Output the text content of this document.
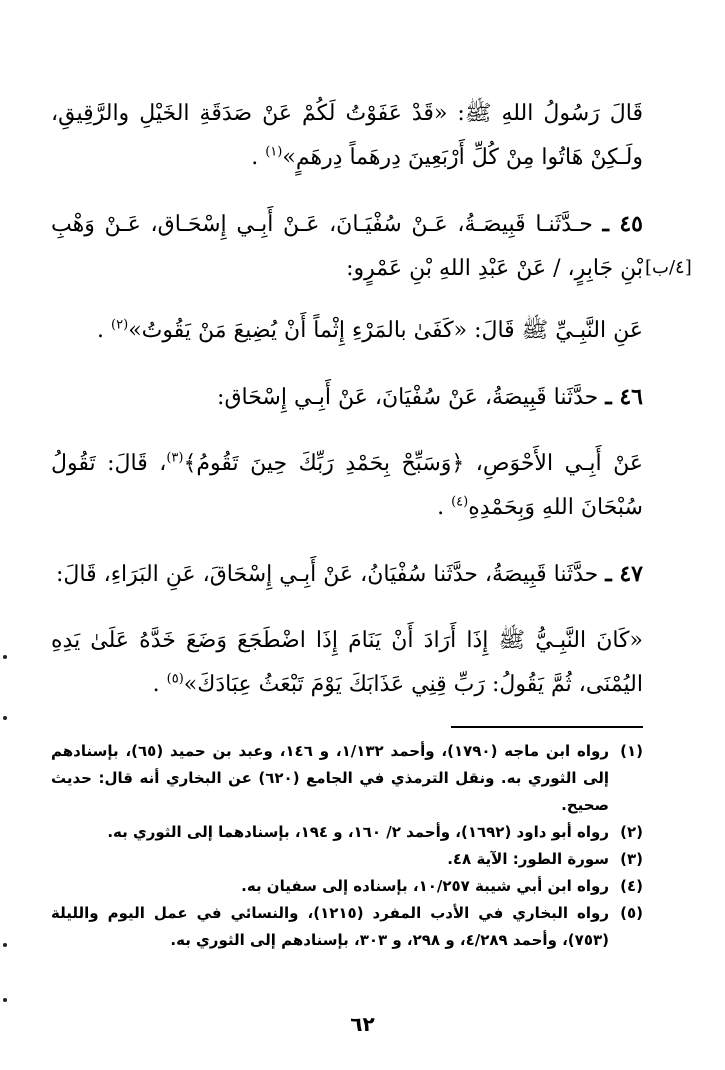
قَالَ رَسُولُ اللهِ ﷺ: «قَدْ عَفَوْتُ لَكُمْ عَنْ صَدَقَةِ الخَيْلِ والرَّقِيقِ، ولَـكِنْ هَاتُوا مِنْ كُلِّ أَرْبَعِينَ دِرهَماً دِرهَمٍ»$^{(١)}$ .

٤٥ ـ حـدَّثَنـا قَبِيصَـةُ، عَـنْ سُفْيَـانَ، عَـنْ أَبِـي إِسْحَـاق، عَـنْ وَهْبِ بْنِ جَابِرٍ، / عَنْ عَبْدِ اللهِ بْنِ عَمْرٍو:

عَنِ النَّبِـيِّ ﷺ قَالَ: «كَفَىٰ بالمَرْءِ إِثْماً أَنْ يُضِيعَ مَنْ يَقُوتُ»$^{(٢)}$ .

٤٦ ـ حدَّثَنا قَبِيصَةُ، عَنْ سُفْيَانَ، عَنْ أَبِـي إِسْحَاق:

عَنْ أَبِـي الأَحْوَصِ، ﴿وَسَبِّحْ بِحَمْدِ رَبِّكَ حِينَ تَقُومُ﴾$^{(٣)}$، قَالَ: تَقُولُ سُبْحَانَ اللهِ وَبِحَمْدِهِ$^{(٤)}$ .

٤٧ ـ حدَّثَنا قَبِيصَةُ، حدَّثَنا سُفْيَانُ، عَنْ أَبِـي إِسْحَاقَ، عَنِ البَرَاءِ، قَالَ:

«كَانَ النَّبِـيُّ ﷺ إِذَا أَرَادَ أَنْ يَنَامَ إِذَا اضْطَجَعَ وَضَعَ خَدَّهُ عَلَىٰ يَدِهِ اليُمْنَى، ثُمَّ يَقُولُ: رَبِّ قِنِي عَذَابَكَ يَوْمَ تَبْعَثُ عِبَادَكَ»$^{(٥)}$ .

[٤/ب]

(١)
رواه ابن ماجه (١٧٩٠)، وأحمد ١/١٣٢، و ١٤٦، وعبد بن حميد (٦٥)، بإسنادهم إلى الثوري به. ونقل الترمذي في الجامع (٦٢٠) عن البخاري أنه قال: حديث صحيح.

(٢)
رواه أبو داود (١٦٩٢)، وأحمد ٢/ ١٦٠، و ١٩٤، بإسنادهما إلى الثوري به.

(٣)
سورة الطور: الآية ٤٨.

(٤)
رواه ابن أبي شيبة ١٠/٢٥٧، بإسناده إلى سفيان به.

(٥)
رواه البخاري في الأدب المفرد (١٢١٥)، والنسائي في عمل اليوم والليلة (٧٥٣)، وأحمد ٤/٢٨٩، و ٢٩٨، و ٣٠٣، بإسنادهم إلى الثوري به.

٦٢
